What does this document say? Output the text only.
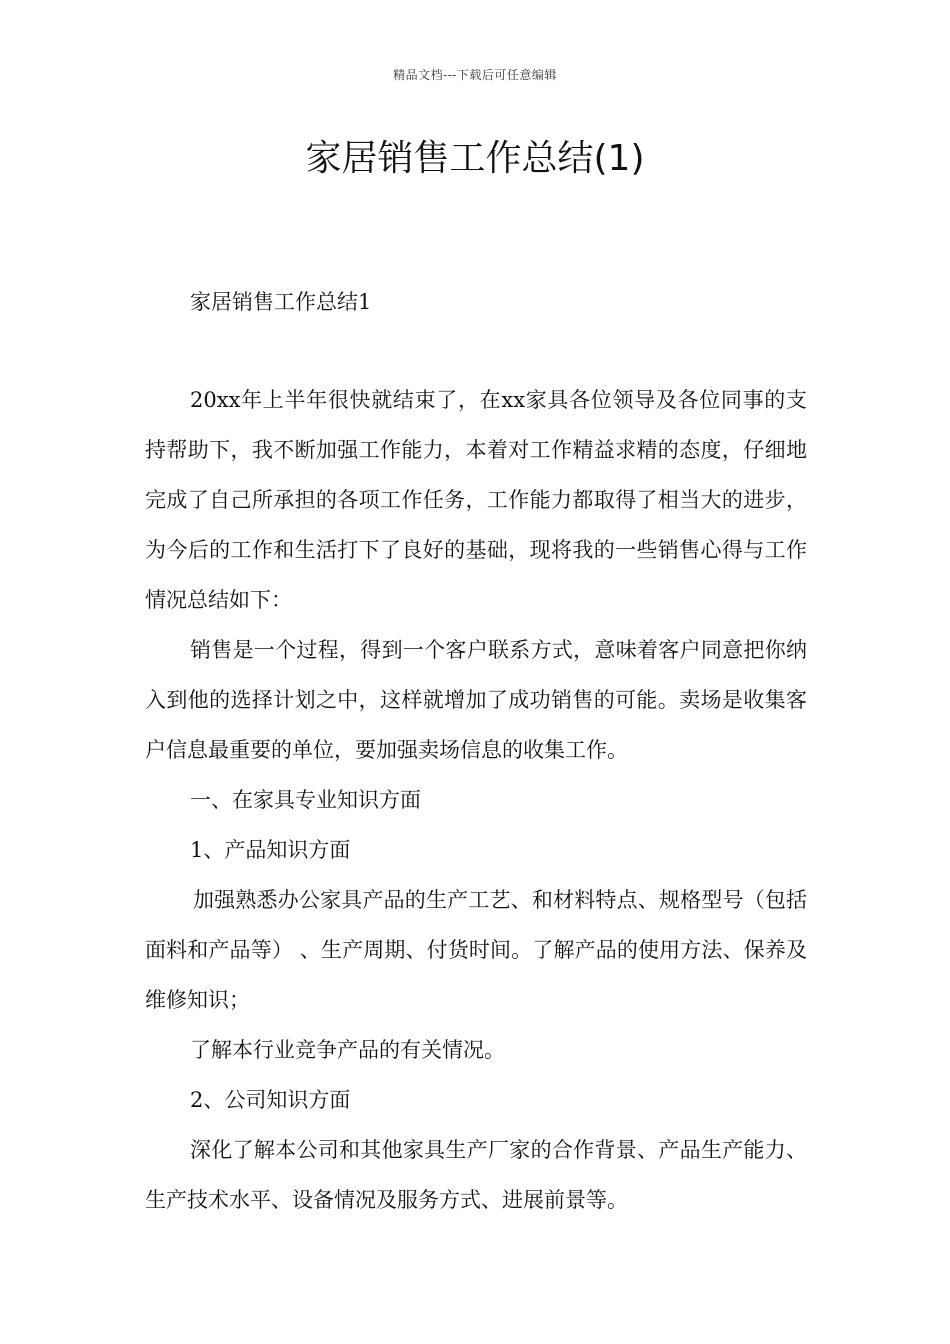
精品文档---下载后可任意编辑
家居销售工作总结(1)
家居销售工作总结1

20xx年上半年很快就结束了，在xx家具各位领导及各位同事的支持帮助下，我不断加强工作能力，本着对工作精益求精的态度，仔细地完成了自己所承担的各项工作任务，工作能力都取得了相当大的进步，为今后的工作和生活打下了良好的基础，现将我的一些销售心得与工作情况总结如下：

销售是一个过程，得到一个客户联系方式，意味着客户同意把你纳入到他的选择计划之中，这样就增加了成功销售的可能。卖场是收集客户信息最重要的单位，要加强卖场信息的收集工作。

一、在家具专业知识方面

1、产品知识方面

加强熟悉办公家具产品的生产工艺、和材料特点、规格型号（包括面料和产品等） 、生产周期、付货时间。了解产品的使用方法、保养及维修知识；

了解本行业竞争产品的有关情况。

2、公司知识方面

深化了解本公司和其他家具生产厂家的合作背景、产品生产能力、生产技术水平、设备情况及服务方式、进展前景等。
